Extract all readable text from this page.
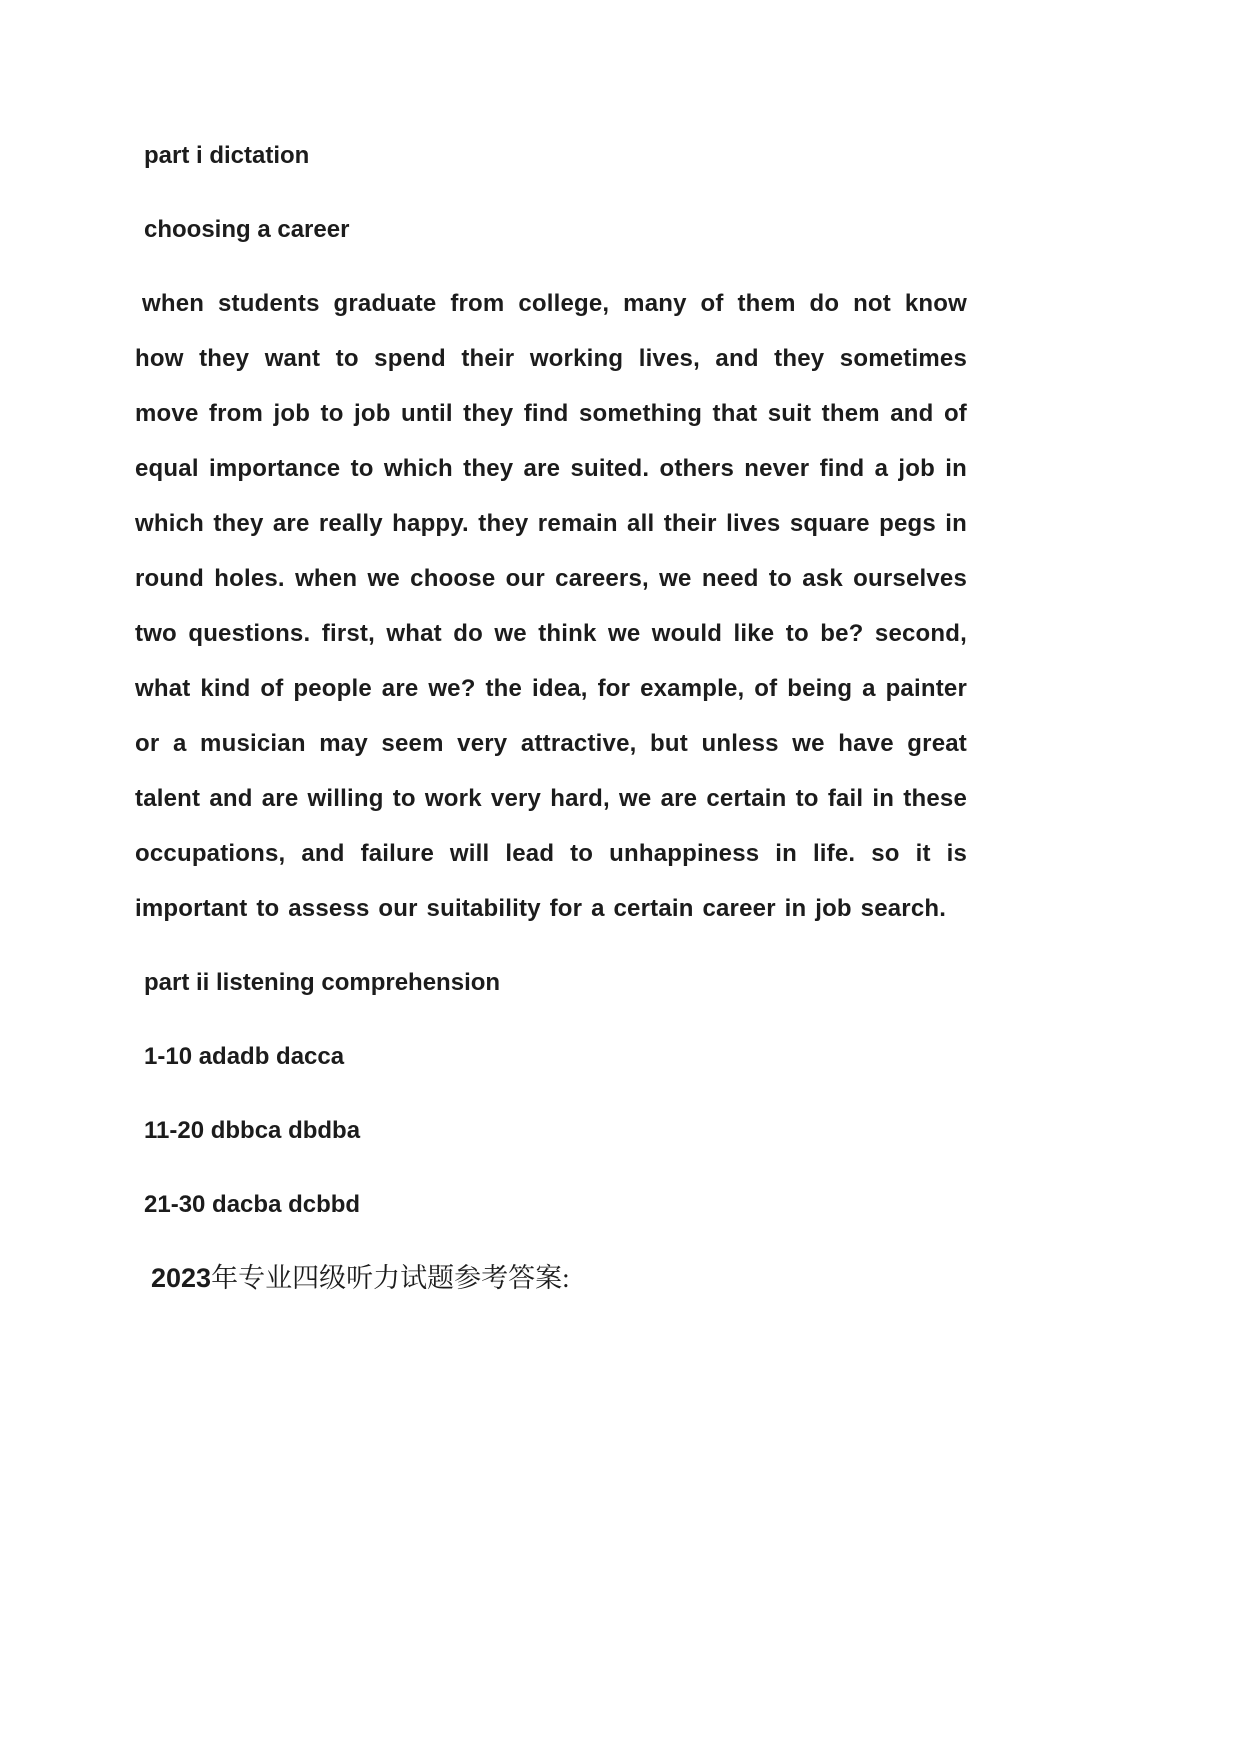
part i dictation

choosing a career

when students graduate from college, many of them do not know how they want to spend their working lives, and they sometimes move from job to job until they find something that suit them and of equal importance to which they are suited. others never find a job in which they are really happy. they remain all their lives square pegs in round holes. when we choose our careers, we need to ask ourselves two questions. first, what do we think we would like to be? second, what kind of people are we? the idea, for example, of being a painter or a musician may seem very attractive, but unless we have great talent and are willing to work very hard, we are certain to fail in these occupations, and failure will lead to unhappiness in life. so it is important to assess our suitability for a certain career in job search.

part ii listening comprehension

1-10 adadb dacca

11-20 dbbca dbdba

21-30 dacba dcbbd

2023年专业四级听力试题参考答案:
